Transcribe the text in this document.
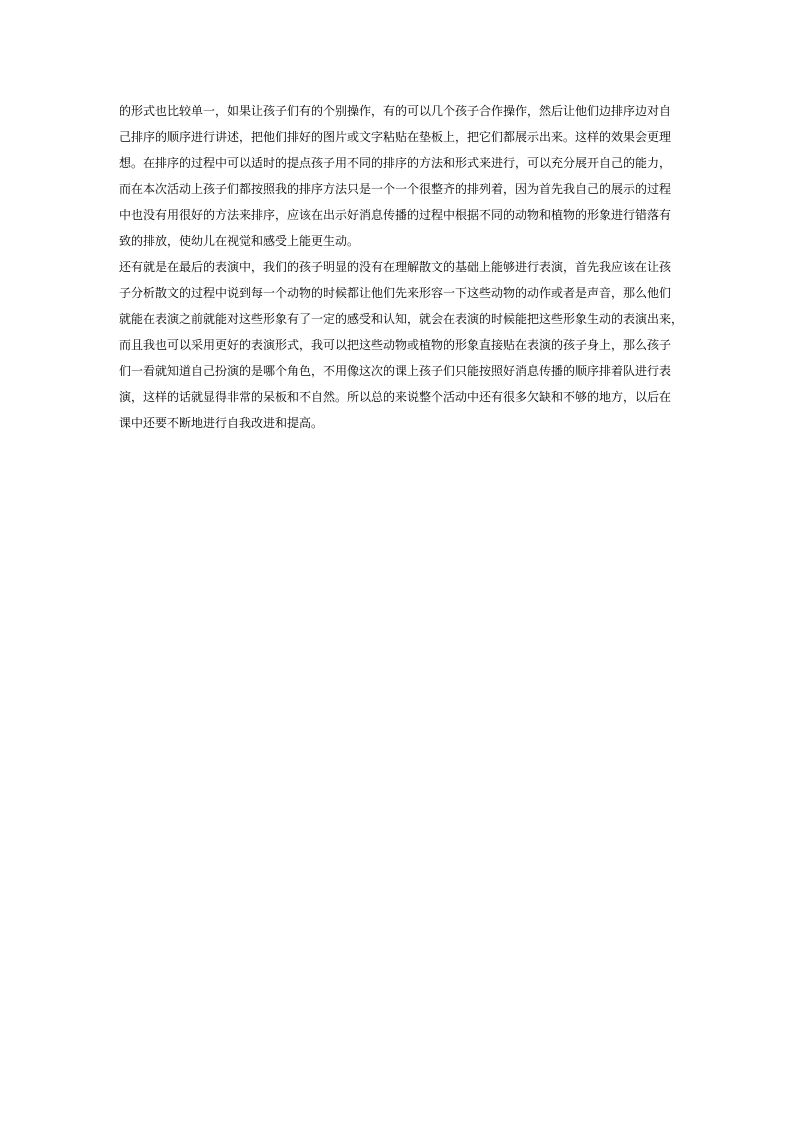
的形式也比较单一，如果让孩子们有的个别操作，有的可以几个孩子合作操作，然后让他们边排序边对自
己排序的顺序进行讲述，把他们排好的图片或文字粘贴在垫板上，把它们都展示出来。这样的效果会更理
想。在排序的过程中可以适时的提点孩子用不同的排序的方法和形式来进行，可以充分展开自己的能力，
而在本次活动上孩子们都按照我的排序方法只是一个一个很整齐的排列着，因为首先我自己的展示的过程
中也没有用很好的方法来排序，应该在出示好消息传播的过程中根据不同的动物和植物的形象进行错落有
致的排放，使幼儿在视觉和感受上能更生动。

还有就是在最后的表演中，我们的孩子明显的没有在理解散文的基础上能够进行表演，首先我应该在让孩
子分析散文的过程中说到每一个动物的时候都让他们先来形容一下这些动物的动作或者是声音，那么他们
就能在表演之前就能对这些形象有了一定的感受和认知，就会在表演的时候能把这些形象生动的表演出来，
而且我也可以采用更好的表演形式，我可以把这些动物或植物的形象直接贴在表演的孩子身上，那么孩子
们一看就知道自己扮演的是哪个角色，不用像这次的课上孩子们只能按照好消息传播的顺序排着队进行表
演，这样的话就显得非常的呆板和不自然。所以总的来说整个活动中还有很多欠缺和不够的地方，以后在
课中还要不断地进行自我改进和提高。
